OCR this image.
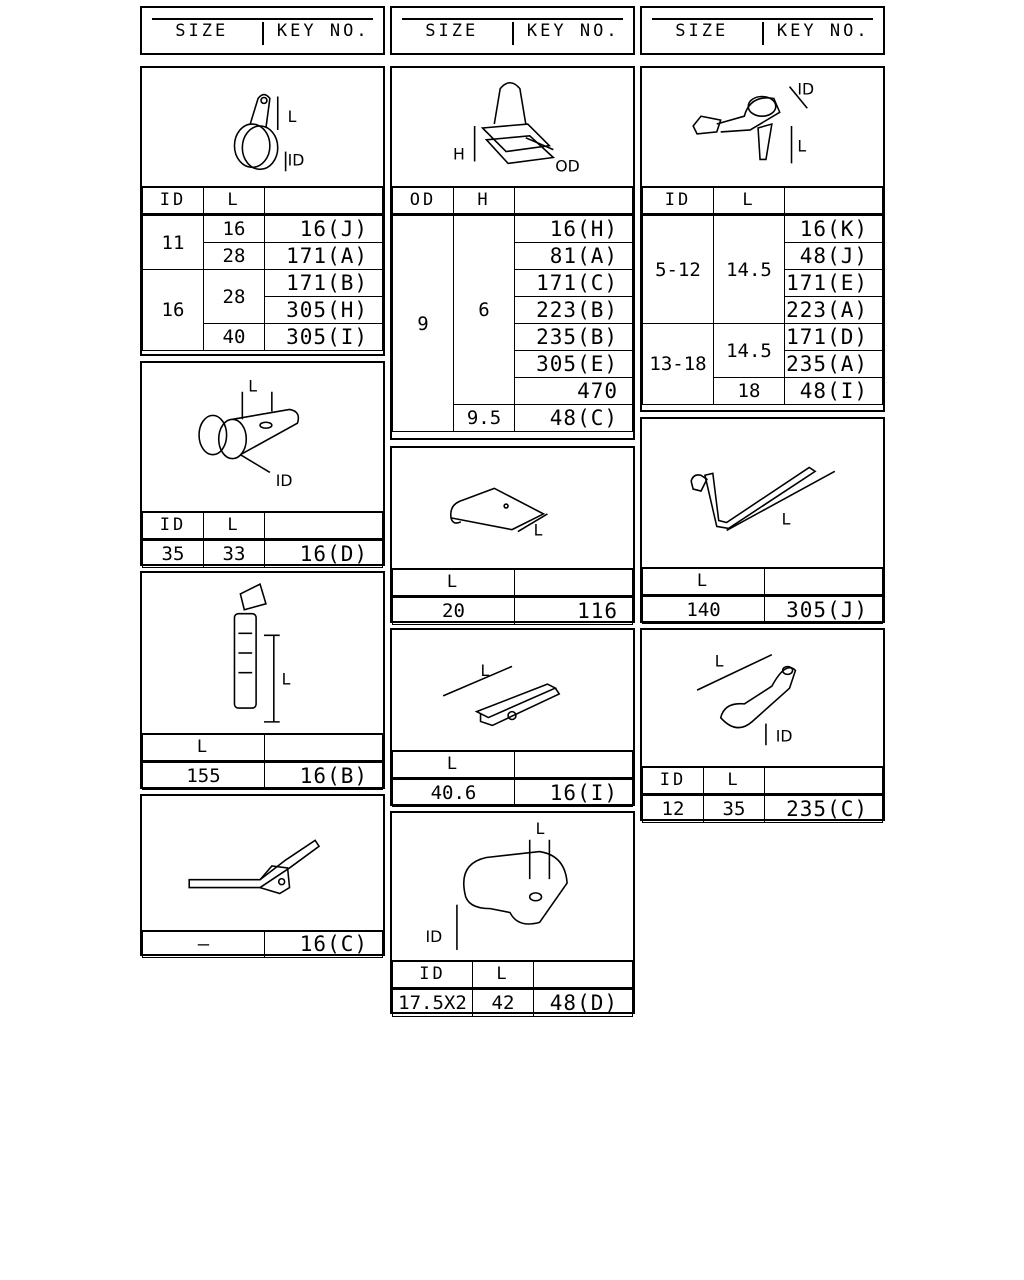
SIZE	KEY NO.	SIZE	KEY NO.	SIZE	KEY NO.
L
ID
ID	L	
11	16	16(J)
	28	171(A)
16	28	171(B)
		305(H)
	40	305(I)
L
ID
ID	L	
35	33	16(D)
L
L	
155	16(B)
—	16(C)
H
OD
OD	H	
9	6	16(H)
		81(A)
		171(C)
		223(B)
		235(B)
		305(E)
		470
	9.5	48(C)
L
L	
20	116
L
L	
40.6	16(I)
L
ID
ID	L	
17.5X2	42	48(D)
ID
L
ID	L	
5-12	14.5	16(K)
		48(J)
		171(E)
		223(A)
13-18	14.5	171(D)
		235(A)
	18	48(I)
L
L	
140	305(J)
L
ID
ID	L	
12	35	235(C)
